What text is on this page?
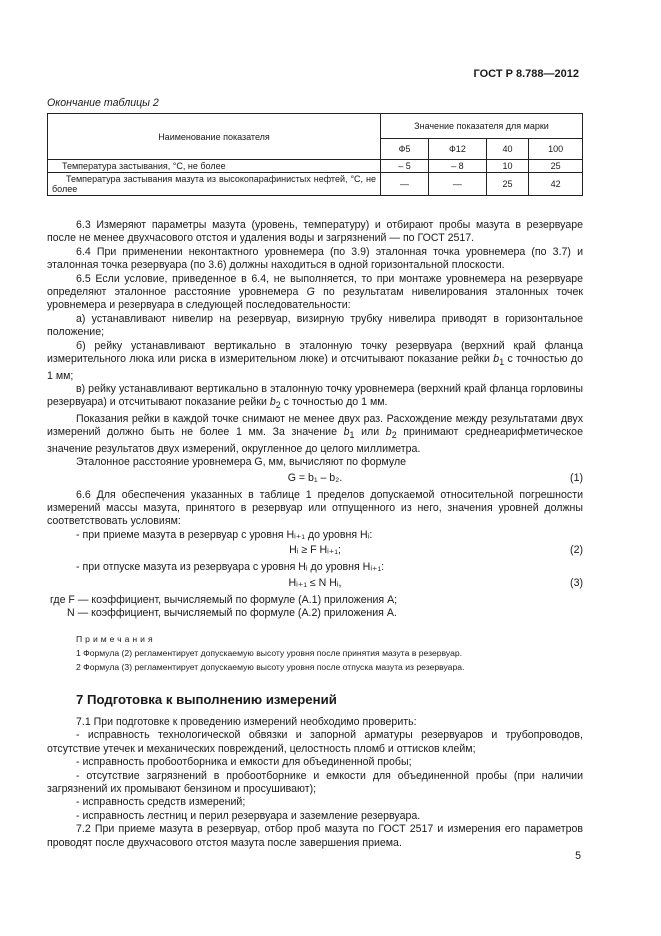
ГОСТ Р 8.788—2012
Окончание таблицы 2
Наименование показателя	Значение показателя для марки			
	Ф5	Ф12	40	100
Температура застывания, °С, не более	– 5	– 8	10	25
Температура застывания мазута из высокопарафинистых нефтей, °С, не более	—	—	25	42

6.3 Измеряют параметры мазута (уровень, температуру) и отбирают пробы мазута в резервуаре после не менее двухчасового отстоя и удаления воды и загрязнений — по ГОСТ 2517.

6.4 При применении неконтактного уровнемера (по 3.9) эталонная точка уровнемера (по 3.7) и эталонная точка резервуара (по 3.6) должны находиться в одной горизонтальной плоскости.

6.5 Если условие, приведенное в 6.4, не выполняется, то при монтаже уровнемера на резервуаре определяют эталонное расстояние уровнемера G по результатам нивелирования эталонных точек уровнемера и резервуара в следующей последовательности:

а) устанавливают нивелир на резервуар, визирную трубку нивелира приводят в горизонтальное положение;

б) рейку устанавливают вертикально в эталонную точку резервуара (верхний край фланца измерительного люка или риска в измерительном люке) и отсчитывают показание рейки $b_1$ с точностью до 1 мм;

в) рейку устанавливают вертикально в эталонную точку уровнемера (верхний край фланца горловины резервуара) и отсчитывают показание рейки $b_2$ с точностью до 1 мм.

Показания рейки в каждой точке снимают не менее двух раз. Расхождение между результатами двух измерений должно быть не более 1 мм. За значение $b_1$ или $b_2$ принимают среднеарифметическое значение результатов двух измерений, округленное до целого миллиметра.

Эталонное расстояние уровнемера G, мм, вычисляют по формуле

G = b₁ – b₂.	(1)

6.6 Для обеспечения указанных в таблице 1 пределов допускаемой относительной погрешности измерений массы мазута, принятого в резервуар или отпущенного из него, значения уровней должны соответствовать условиям:

- при приеме мазута в резервуар с уровня Hᵢ₊₁ до уровня Hᵢ:

Hᵢ ≥ F Hᵢ₊₁;	(2)

- при отпуске мазута из резервуара с уровня Hᵢ до уровня Hᵢ₊₁:

Hᵢ₊₁ ≤ N Hᵢ,	(3)

где F — коэффициент, вычисляемый по формуле (А.1) приложения А;

N — коэффициент, вычисляемый по формуле (А.2) приложения А.

Примечания
1 Формула (2) регламентирует допускаемую высоту уровня после принятия мазута в резервуар.
2 Формула (3) регламентирует допускаемую высоту уровня после отпуска мазута из резервуара.
7 Подготовка к выполнению измерений

7.1 При подготовке к проведению измерений необходимо проверить:

- исправность технологической обвязки и запорной арматуры резервуаров и трубопроводов, отсутствие утечек и механических повреждений, целостность пломб и оттисков клейм;

- исправность пробоотборника и емкости для объединенной пробы;

- отсутствие загрязнений в пробоотборнике и емкости для объединенной пробы (при наличии загрязнений их промывают бензином и просушивают);

- исправность средств измерений;

- исправность лестниц и перил резервуара и заземление резервуара.

7.2 При приеме мазута в резервуар, отбор проб мазута по ГОСТ 2517 и измерения его параметров проводят после двухчасового отстоя мазута после завершения приема.

5
